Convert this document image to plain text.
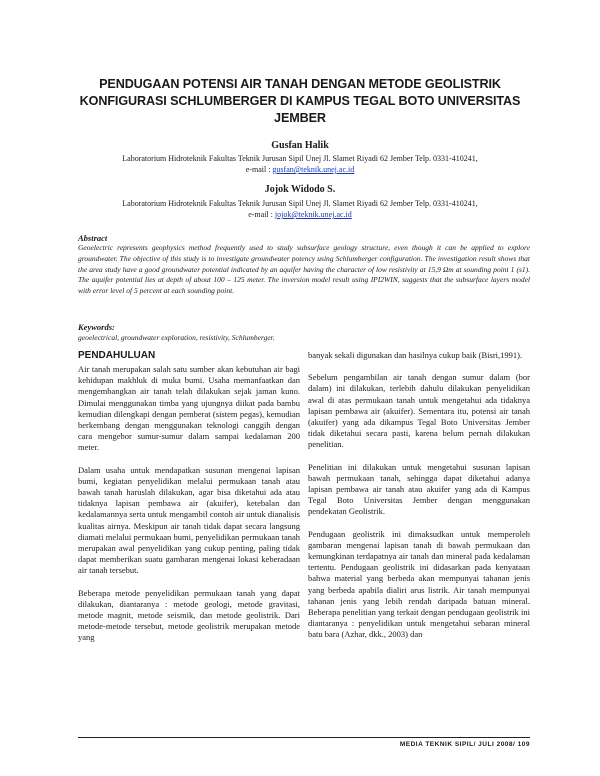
PENDUGAAN POTENSI AIR TANAH DENGAN METODE GEOLISTRIK KONFIGURASI SCHLUMBERGER DI KAMPUS TEGAL BOTO UNIVERSITAS JEMBER
Gusfan Halik
Laboratorium Hidroteknik Fakultas Teknik Jurusan Sipil Unej Jl. Slamet Riyadi 62 Jember Telp. 0331-410241,
e-mail : gusfan@teknik.unej.ac.id
Jojok Widodo S.
Laboratorium Hidroteknik Fakultas Teknik Jurusan Sipil Unej Jl. Slamet Riyadi 62 Jember Telp. 0331-410241,
e-mail : jojok@teknik.unej.ac.id
Abstract
Geoelectric represents geophysics method frequently used to study subsurface geology structure, even though it can be applied to explore groundwater. The objective of this study is to investigate groundwater potency using Schlumberger configuration. The investigation result shows that the area study have a good groundwater potential indicated by an aquifer having the character of low resistivity at 15,9 Ωm at sounding point 1 (s1). The aquifer potential lies at depth of about 100 – 125 meter. The inversion model result using IPI2WIN, suggests that the subsurface layers model with error level of 5 percent at each sounding point.
Keywords:
geoelectrical, groundwater exploration, resistivity, Schlumberger.
PENDAHULUAN

Air tanah merupakan salah satu sumber akan kebutuhan air bagi kehidupan makhluk di muka bumi. Usaha memanfaatkan dan mengembangkan air tanah telah dilakukan sejak jaman kuno. Dimulai menggunakan timba yang ujungnya diikat pada bambu kemudian dilengkapi dengan pemberat (sistem pegas), kemudian berkembang dengan menggunakan teknologi canggih dengan cara mengebor sumur-sumur dalam sampai kedalaman 200 meter.

Dalam usaha untuk mendapatkan susunan mengenai lapisan bumi, kegiatan penyelidikan melalui permukaan tanah atau bawah tanah haruslah dilakukan, agar bisa diketahui ada atau tidaknya lapisan pembawa air (akuifer), ketebalan dan kedalamannya serta untuk mengambil contoh air untuk dianalisis kualitas airnya. Meskipun air tanah tidak dapat secara langsung diamati melalui permukaan bumi, penyelidikan permukaan tanah merupakan awal penyelidikan yang cukup penting, paling tidak dapat memberikan suatu gambaran mengenai lokasi keberadaan air tanah tersebut.

Beberapa metode penyelidikan permukaan tanah yang dapat dilakukan, diantaranya : metode geologi, metode gravitasi, metode magnit, metode seismik, dan metode geolistrik. Dari metode-metode tersebut, metode geolistrik merupakan metode yang

banyak sekali digunakan dan hasilnya cukup baik (Bisri,1991).

Sebelum pengambilan air tanah dengan sumur dalam (bor dalam) ini dilakukan, terlebih dahulu dilakukan penyelidikan awal di atas permukaan tanah untuk mengetahui ada tidaknya lapisan pembawa air (akuifer). Sementara itu, potensi air tanah (akuifer) yang ada dikampus Tegal Boto Universitas Jember tidak diketahui secara pasti, karena belum pernah dilakukan penelitian.

Penelitian ini dilakukan untuk mengetahui susunan lapisan bawah permukaan tanah, sehingga dapat diketahui adanya lapisan pembawa air tanah atau akuifer yang ada di Kampus Tegal Boto Universitas Jember dengan menggunakan pendekatan Geolistrik.

Pendugaan geolistrik ini dimaksudkan untuk memperoleh gambaran mengenai lapisan tanah di bawah permukaan dan kemungkinan terdapatnya air tanah dan mineral pada kedalaman tertentu. Pendugaan geolistrik ini didasarkan pada kenyataan bahwa material yang berbeda akan mempunyai tahanan jenis yang berbeda apabila dialiri arus listrik. Air tanah mempunyai tahanan jenis yang lebih rendah daripada batuan mineral. Beberapa penelitian yang terkait dengan pendugaan geolistrik ini diantaranya : penyelidikan untuk mengetahui sebaran mineral batu bara (Azhar, dkk., 2003) dan

MEDIA TEKNIK SIPIL/ JULI 2008/ 109
